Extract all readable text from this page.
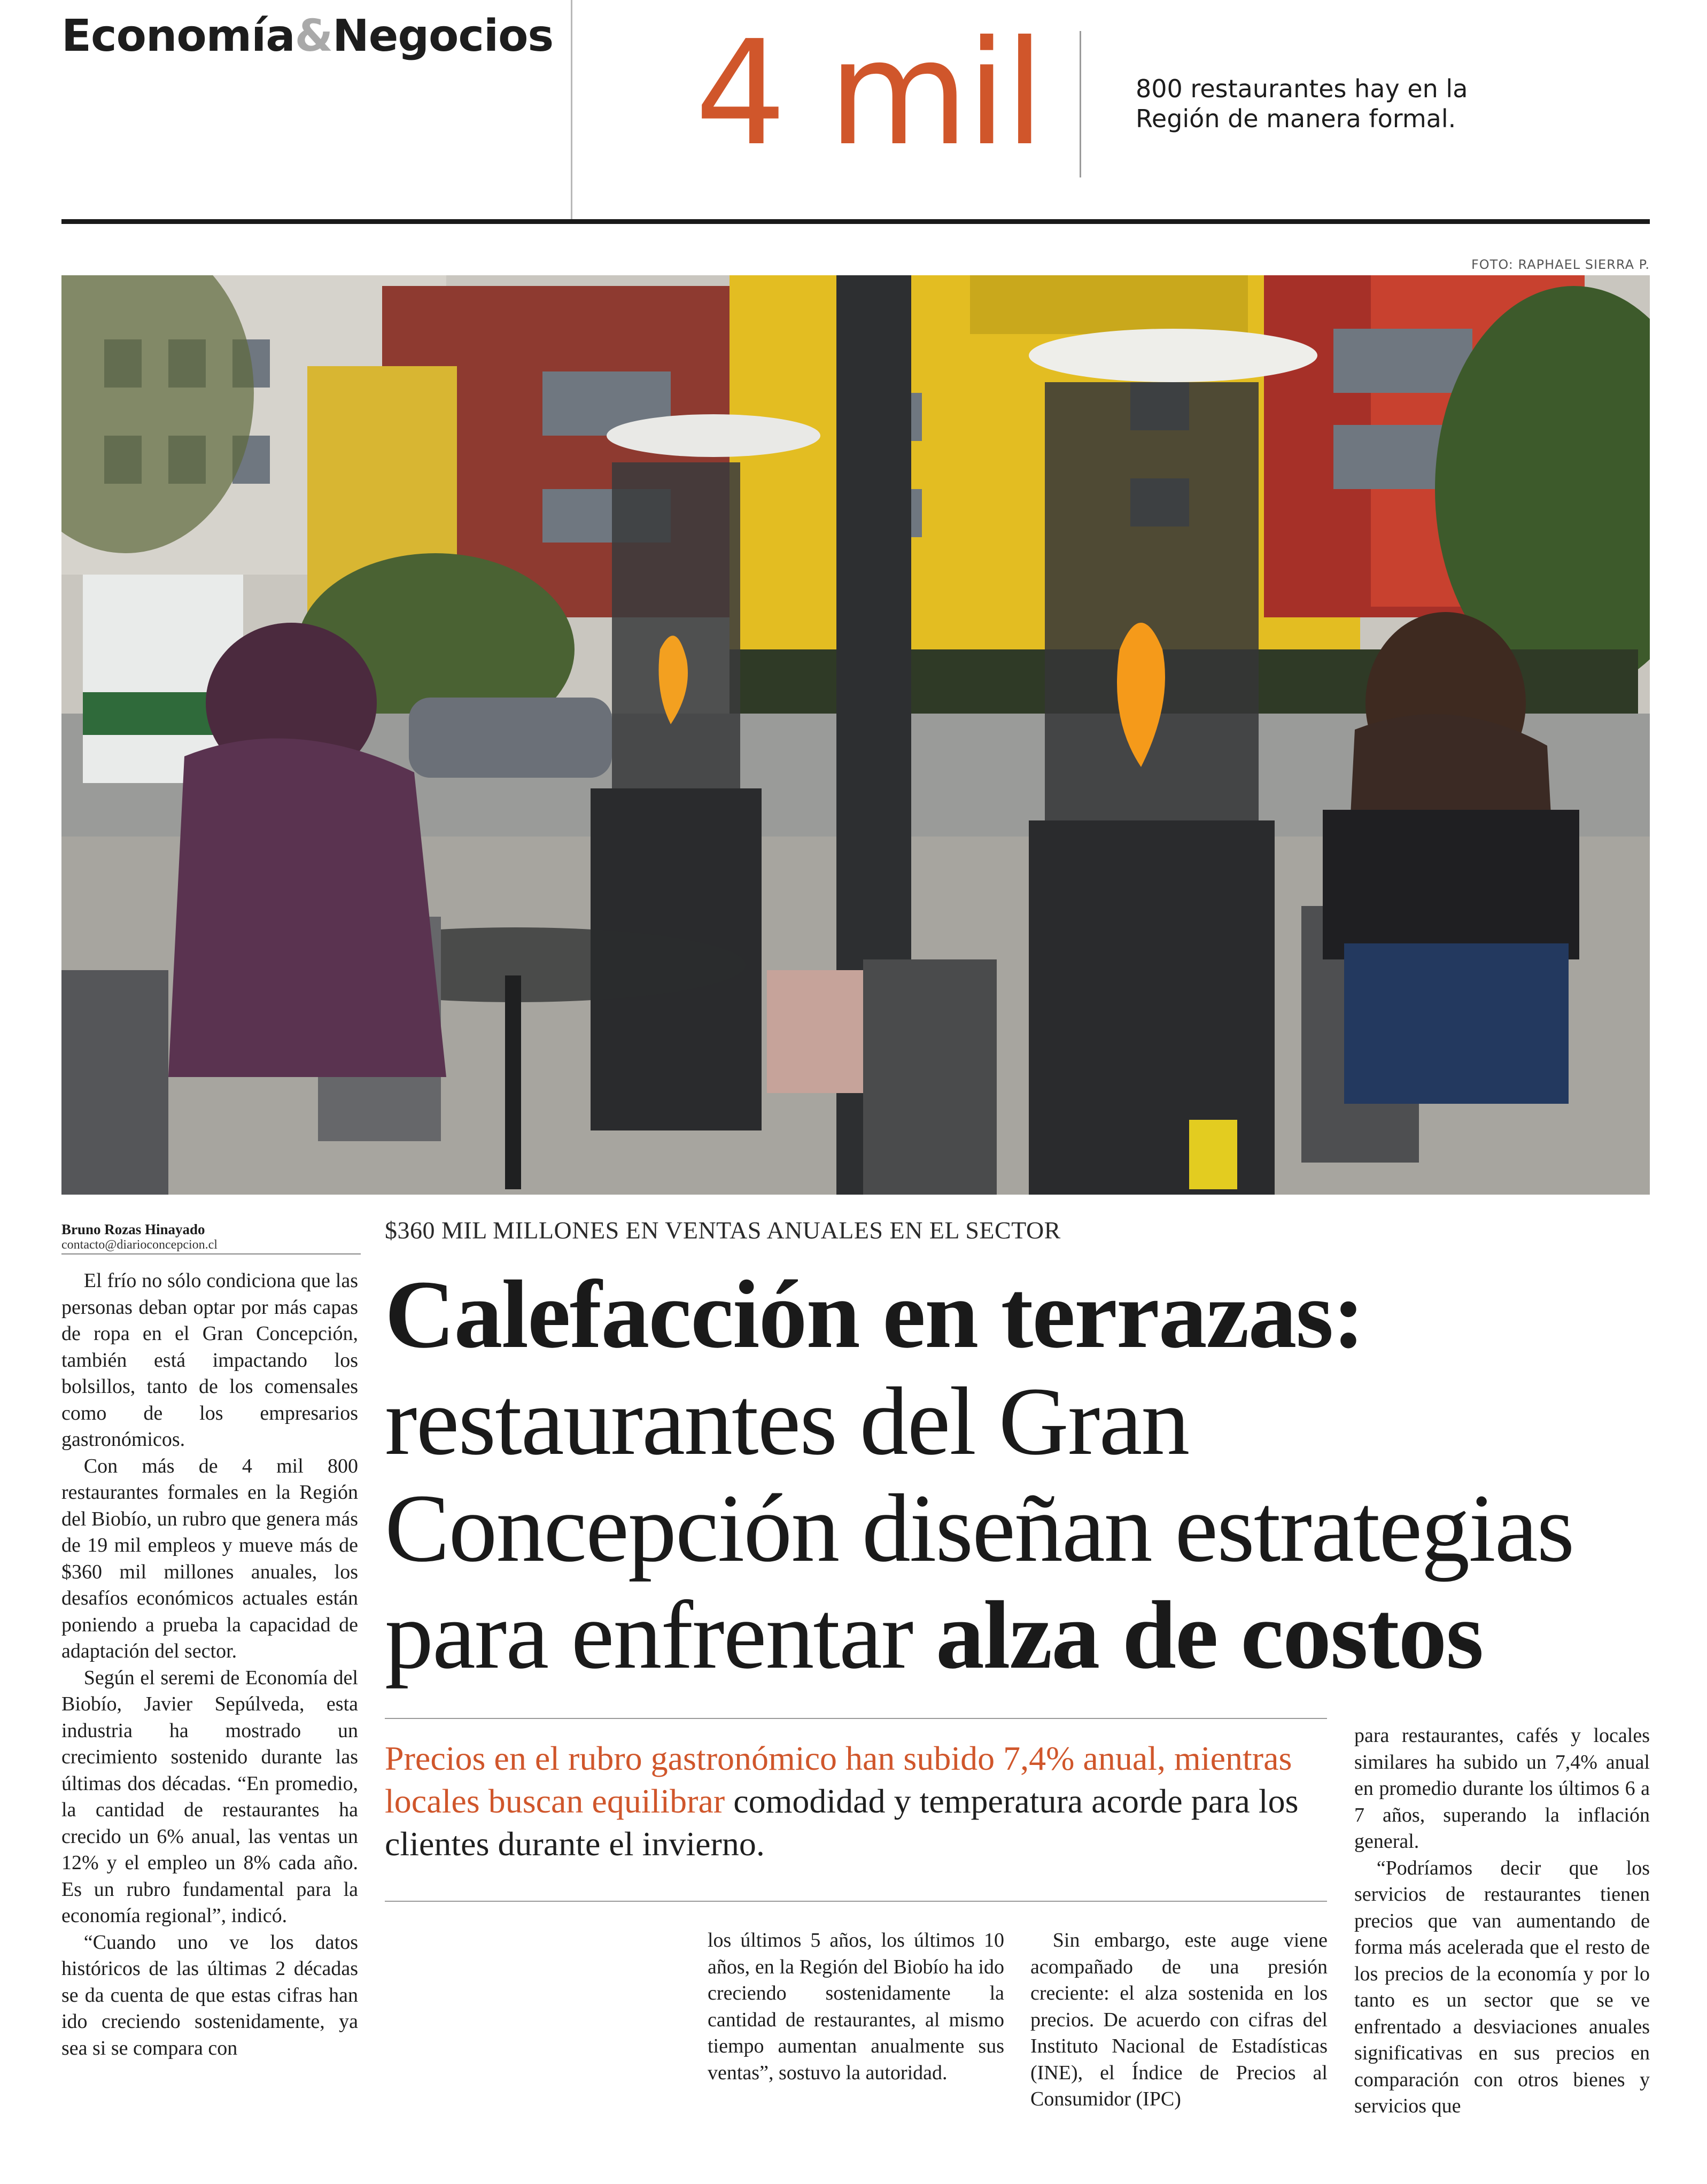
Economía&Negocios 4 mil	800 restaurantes hay en la Región de manera formal.
FOTO: RAPHAEL SIERRA P.
Bruno Rozas Hinayado
contacto@diarioconcepcion.cl
$360 MIL MILLONES EN VENTAS ANUALES EN EL SECTOR
Calefacción en terrazas: restaurantes del Gran Concepción diseñan estrategias para enfrentar alza de costos
Precios en el rubro gastronómico han subido 7,4% anual, mientras locales buscan equilibrar comodidad y temperatura acorde para los clientes durante el invierno.

El frío no sólo condiciona que las personas deban optar por más capas de ropa en el Gran Concepción, también está impactando los bolsillos, tanto de los comensales como de los empresarios gastronómicos.

Con más de 4 mil 800 restaurantes formales en la Región del Biobío, un rubro que genera más de 19 mil empleos y mueve más de $360 mil millones anuales, los desafíos económicos actuales están poniendo a prueba la capacidad de adaptación del sector.

Según el seremi de Economía del Biobío, Javier Sepúlveda, esta industria ha mostrado un crecimiento sostenido durante las últimas dos décadas. “En promedio, la cantidad de restaurantes ha crecido un 6% anual, las ventas un 12% y el empleo un 8% cada año. Es un rubro fundamental para la economía regional”, indicó.

“Cuando uno ve los datos históricos de las últimas 2 décadas se da cuenta de que estas cifras han ido creciendo sostenidamente, ya sea si se compara con

los últimos 5 años, los últimos 10 años, en la Región del Biobío ha ido creciendo sostenidamente la cantidad de restaurantes, al mismo tiempo aumentan anualmente sus ventas”, sostuvo la autoridad.

Sin embargo, este auge viene acompañado de una presión creciente: el alza sostenida en los precios. De acuerdo con cifras del Instituto Nacional de Estadísticas (INE), el Índice de Precios al Consumidor (IPC)

para restaurantes, cafés y locales similares ha subido un 7,4% anual en promedio durante los últimos 6 a 7 años, superando la inflación general.

“Podríamos decir que los servicios de restaurantes tienen precios que van aumentando de forma más acelerada que el resto de los precios de la economía y por lo tanto es un sector que se ve enfrentado a desviaciones anuales significativas en sus precios en comparación con otros bienes y servicios que
